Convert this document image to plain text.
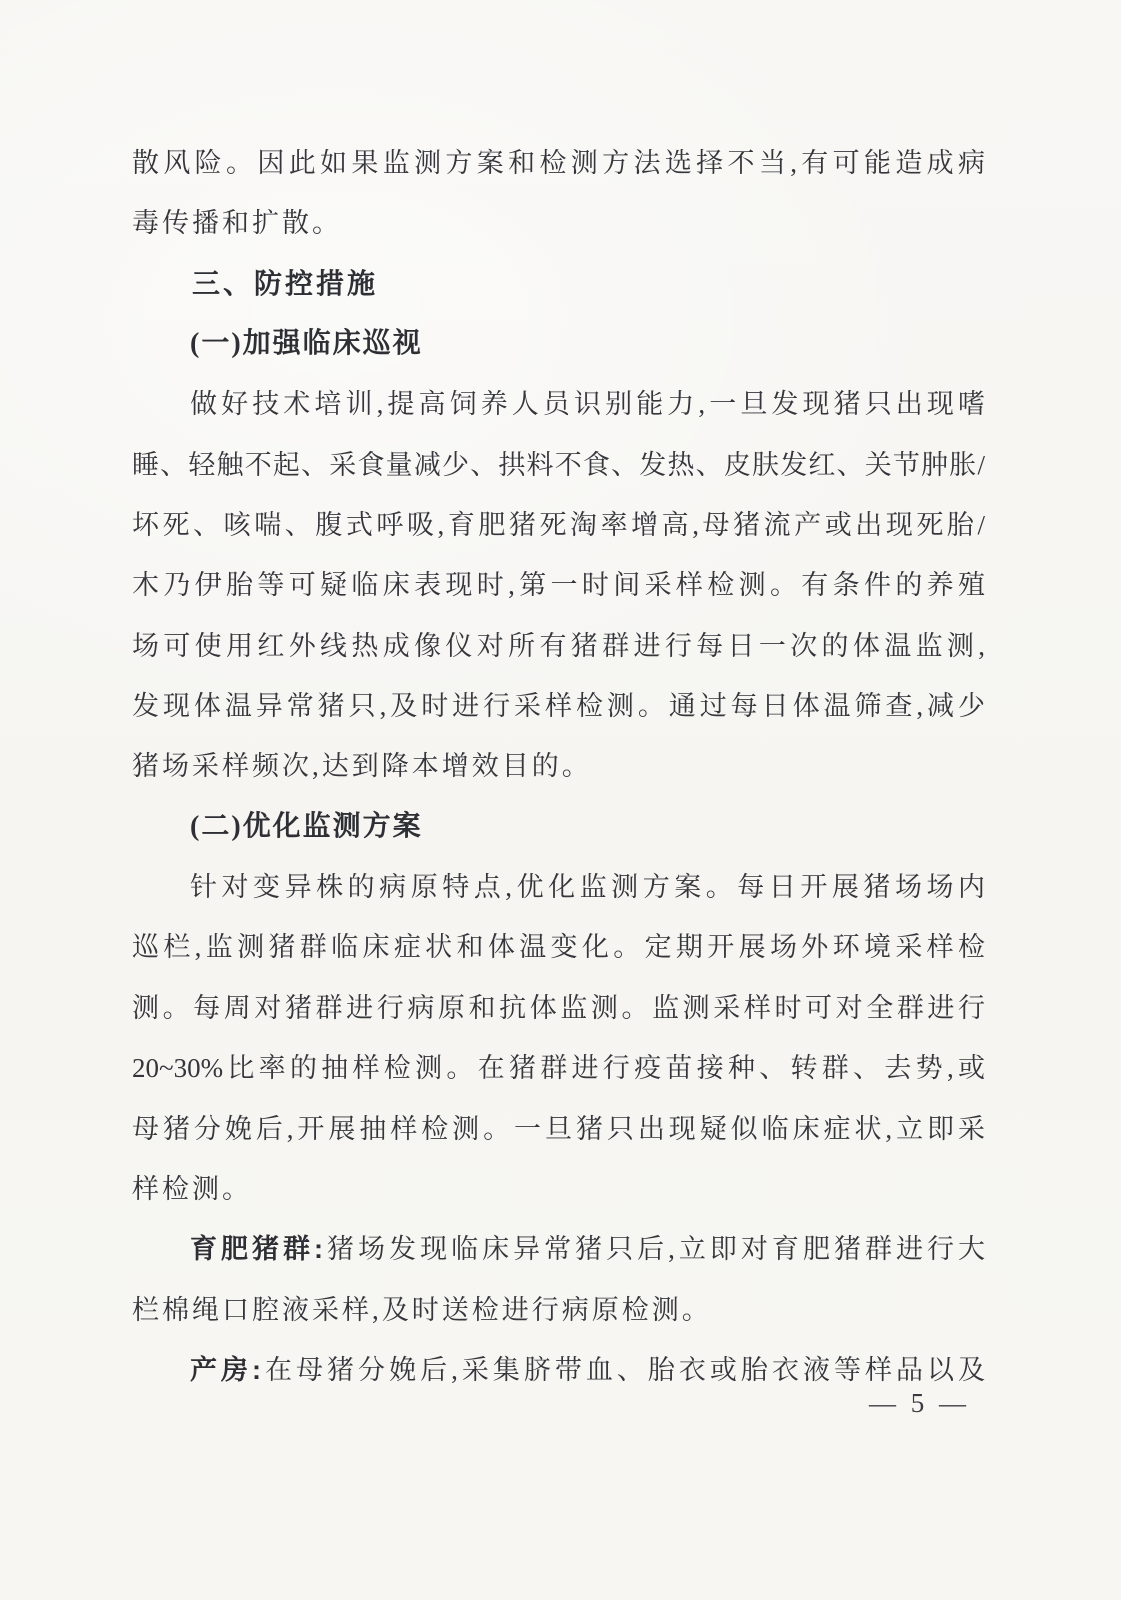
散风险。因此如果监测方案和检测方法选择不当,有可能造成病
毒传播和扩散。
三、防控措施
(一)加强临床巡视
做好技术培训,提高饲养人员识别能力,一旦发现猪只出现嗜
睡、轻触不起、采食量减少、拱料不食、发热、皮肤发红、关节肿胀/
坏死、咳喘、腹式呼吸,育肥猪死淘率增高,母猪流产或出现死胎/
木乃伊胎等可疑临床表现时,第一时间采样检测。有条件的养殖
场可使用红外线热成像仪对所有猪群进行每日一次的体温监测,
发现体温异常猪只,及时进行采样检测。通过每日体温筛查,减少
猪场采样频次,达到降本增效目的。
(二)优化监测方案
针对变异株的病原特点,优化监测方案。每日开展猪场场内
巡栏,监测猪群临床症状和体温变化。定期开展场外环境采样检
测。每周对猪群进行病原和抗体监测。监测采样时可对全群进行
20~30%比率的抽样检测。在猪群进行疫苗接种、转群、去势,或
母猪分娩后,开展抽样检测。一旦猪只出现疑似临床症状,立即采
样检测。
育肥猪群:猪场发现临床异常猪只后,立即对育肥猪群进行大
栏棉绳口腔液采样,及时送检进行病原检测。
产房:在母猪分娩后,采集脐带血、胎衣或胎衣液等样品以及
— 5 —
